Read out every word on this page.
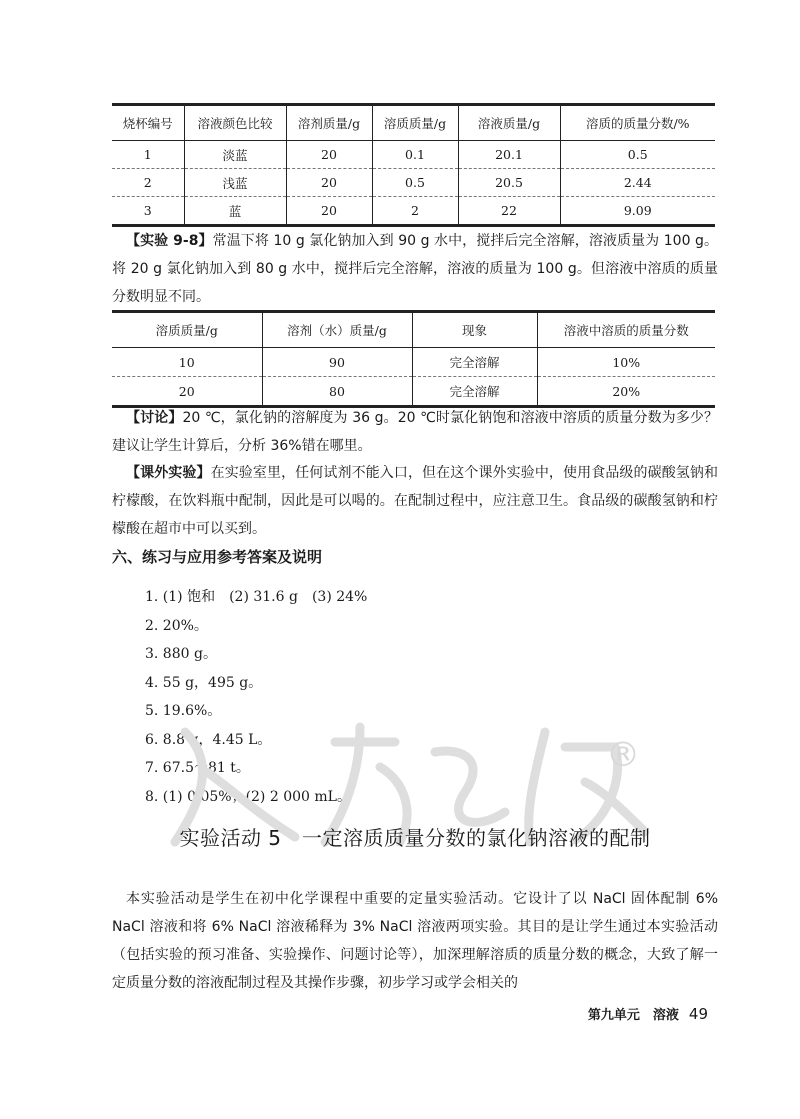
烧杯编号	溶液颜色比较	溶剂质量/g	溶质质量/g	溶液质量/g	溶质的质量分数/%
1	淡蓝	20	0.1	20.1	0.5
2	浅蓝	20	0.5	20.5	2.44
3	蓝	20	2	22	9.09

【实验 9-8】常温下将 10 g 氯化钠加入到 90 g 水中，搅拌后完全溶解，溶液质量为 100 g。将 20 g 氯化钠加入到 80 g 水中，搅拌后完全溶解，溶液的质量为 100 g。但溶液中溶质的质量分数明显不同。

溶质质量/g	溶剂（水）质量/g	现象	溶液中溶质的质量分数
10	90	完全溶解	10%
20	80	完全溶解	20%

【讨论】20 ℃，氯化钠的溶解度为 36 g。20 ℃时氯化钠饱和溶液中溶质的质量分数为多少？建议让学生计算后，分析 36%错在哪里。

【课外实验】在实验室里，任何试剂不能入口，但在这个课外实验中，使用食品级的碳酸氢钠和柠檬酸，在饮料瓶中配制，因此是可以喝的。在配制过程中，应注意卫生。食品级的碳酸氢钠和柠檬酸在超市中可以买到。

六、练习与应用参考答案及说明
1. (1) 饱和　(2) 31.6 g　(3) 24%
2. 20%。
3. 880 g。
4. 55 g，495 g。
5. 19.6%。
6. 8.8 g，4.45 L。
7. 67.5～81 t。
8. (1) 0.05%；(2) 2 000 mL。
®
实验活动 5　一定溶质质量分数的氯化钠溶液的配制

本实验活动是学生在初中化学课程中重要的定量实验活动。它设计了以 NaCl 固体配制 6% NaCl 溶液和将 6% NaCl 溶液稀释为 3% NaCl 溶液两项实验。其目的是让学生通过本实验活动（包括实验的预习准备、实验操作、问题讨论等），加深理解溶质的质量分数的概念，大致了解一定质量分数的溶液配制过程及其操作步骤，初步学习或学会相关的

第九单元　溶液 49
